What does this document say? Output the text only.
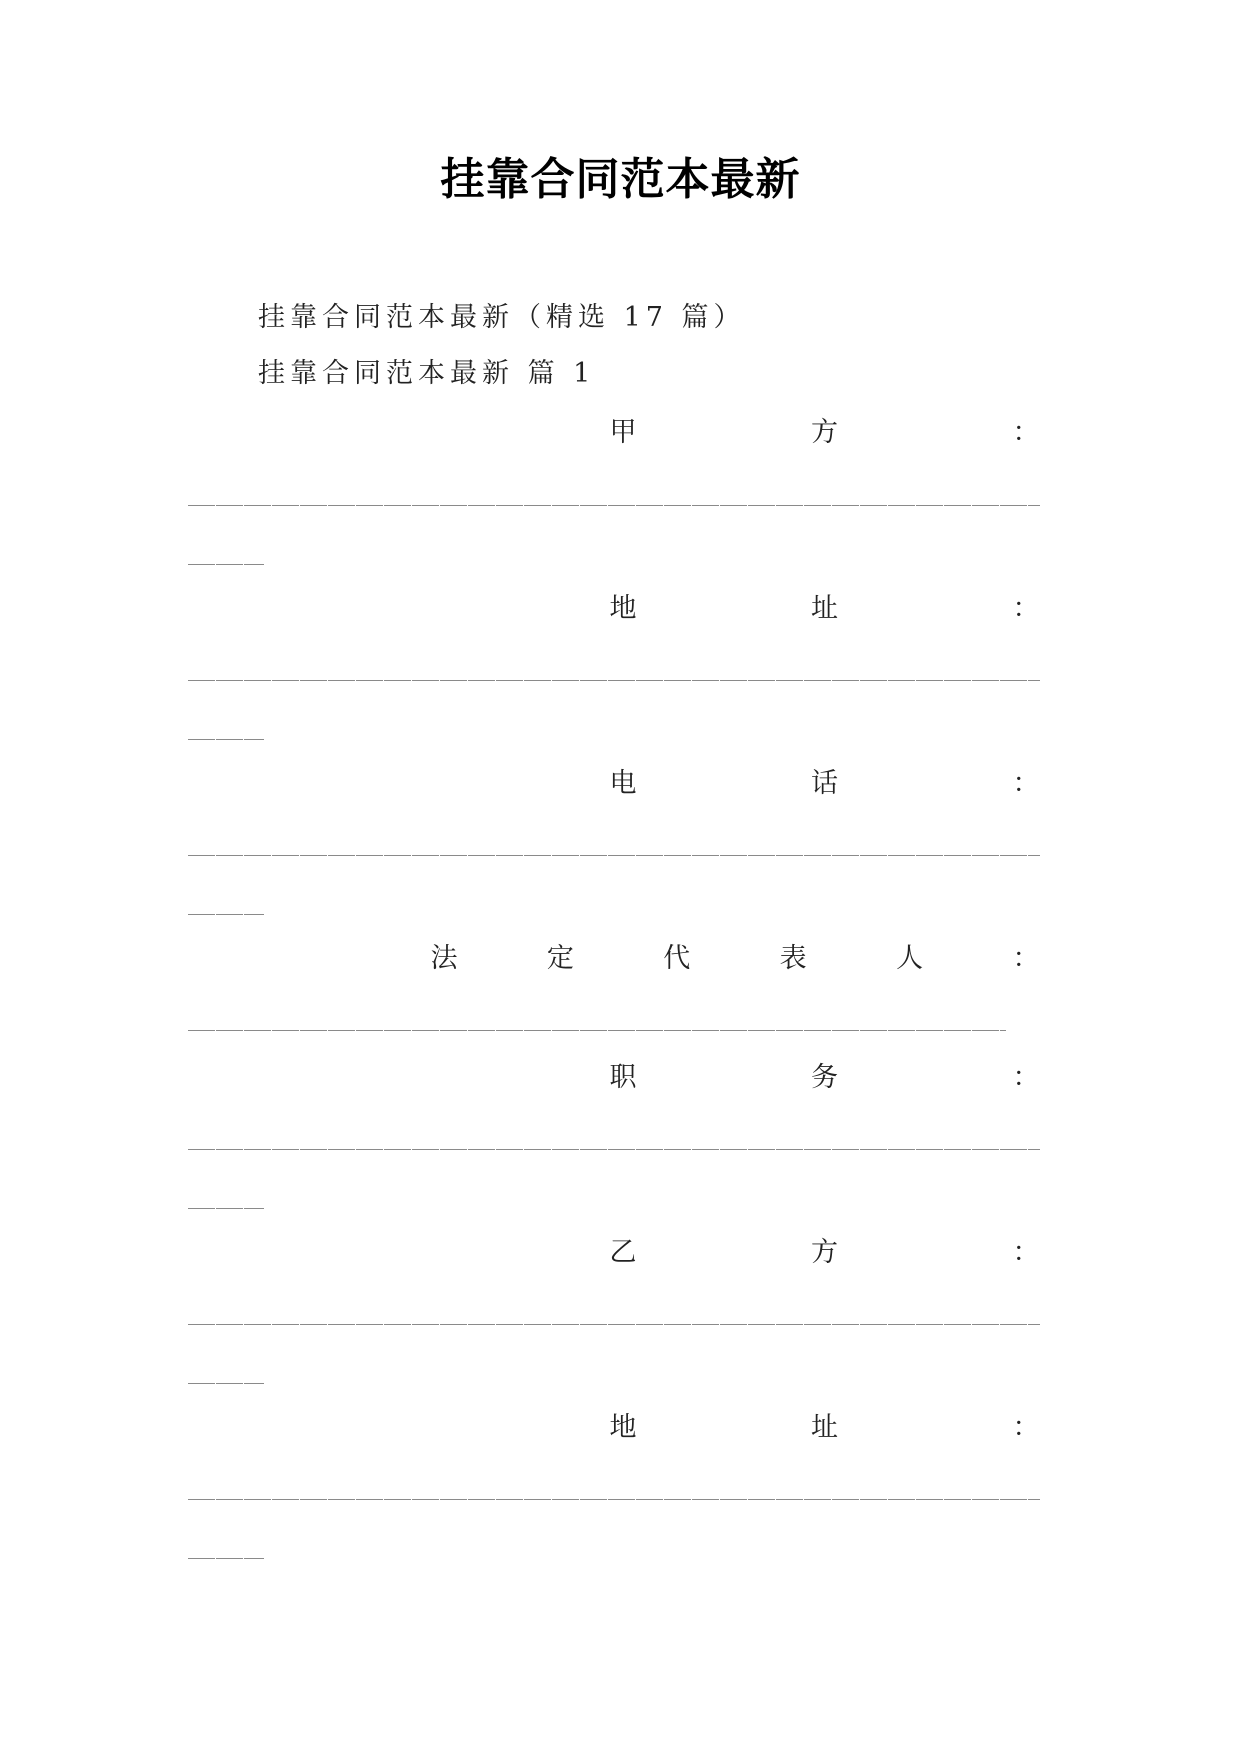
挂靠合同范本最新
挂靠合同范本最新（精选 17 篇）
挂靠合同范本最新 篇 1
甲	方	：
地	址	：
电	话	：
法	定	代	表	人	：
职	务	：
乙	方	：
地	址	：
